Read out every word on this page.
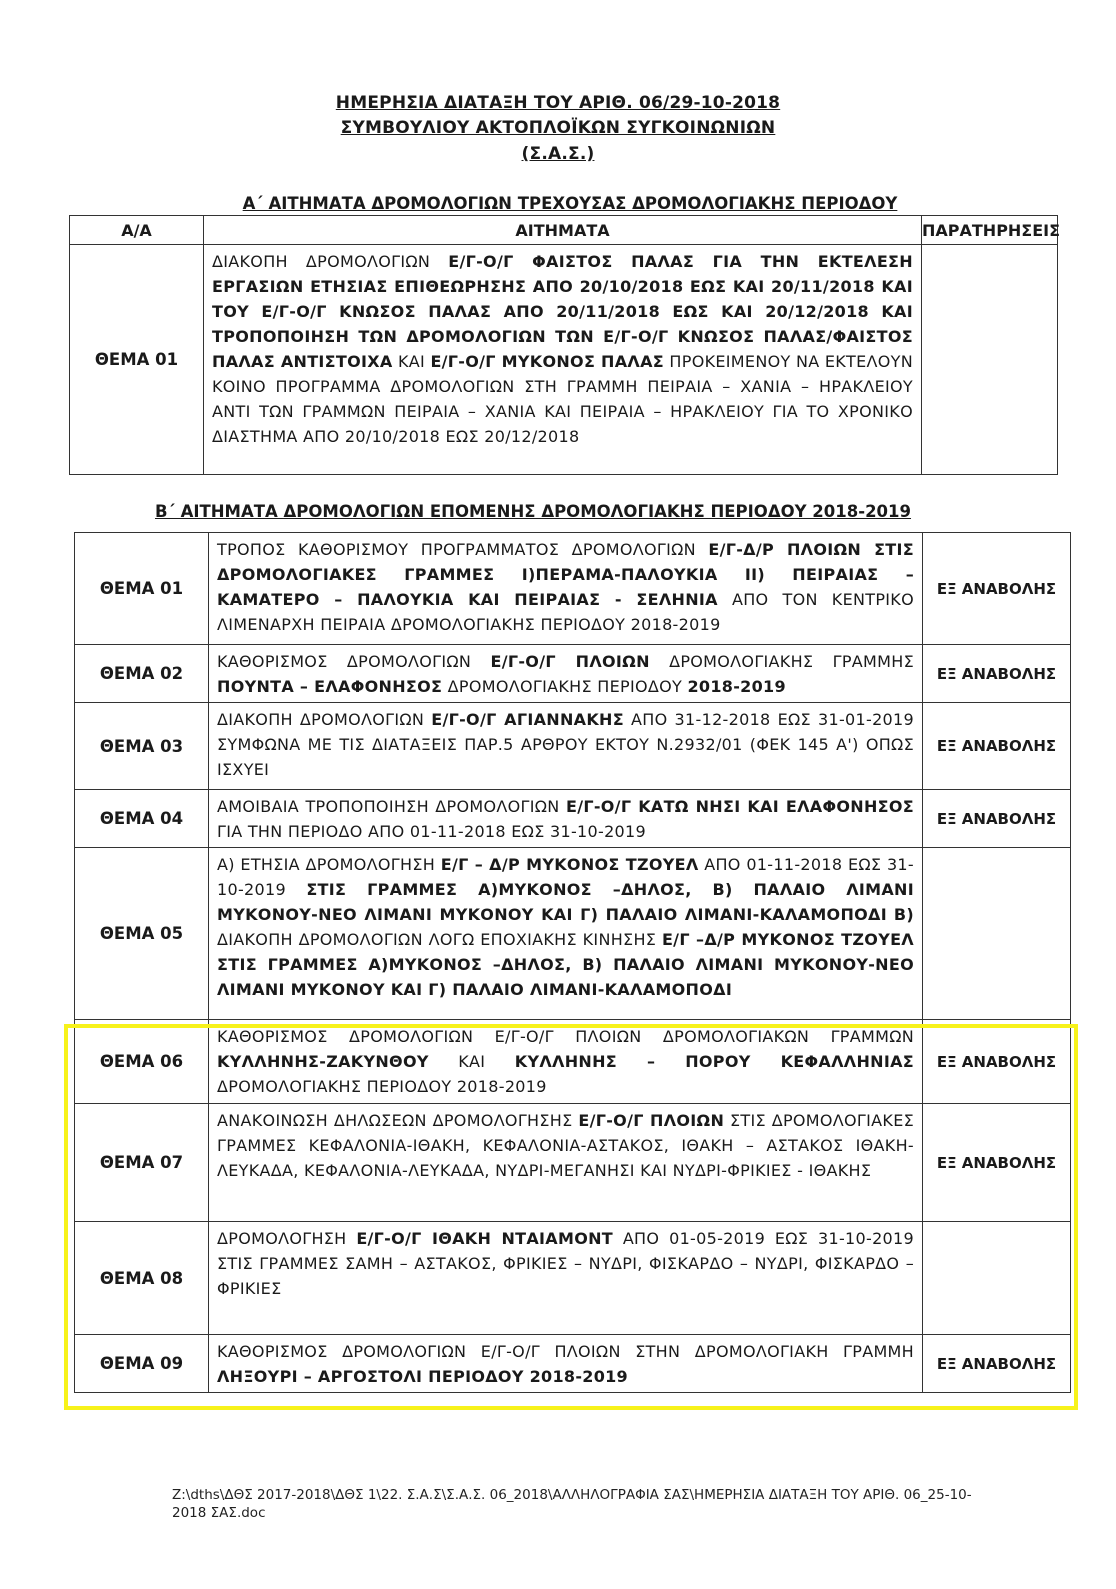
ΗΜΕΡΗΣΙΑ ΔΙΑΤΑΞΗ ΤΟΥ ΑΡΙΘ. 06/29-10-2018
ΣΥΜΒΟΥΛΙΟΥ ΑΚΤΟΠΛΟΪΚΩΝ ΣΥΓΚΟΙΝΩΝΙΩΝ
(Σ.Α.Σ.)
Α΄ ΑΙΤΗΜΑΤΑ ΔΡΟΜΟΛΟΓΙΩΝ ΤΡΕΧΟΥΣΑΣ ΔΡΟΜΟΛΟΓΙΑΚΗΣ ΠΕΡΙΟΔΟΥ
Α/Α	ΑΙΤΗΜΑΤΑ	ΠΑΡΑΤΗΡΗΣΕΙΣ
ΘΕΜΑ 01	ΔΙΑΚΟΠΗ ΔΡΟΜΟΛΟΓΙΩΝ Ε/Γ-Ο/Γ ΦΑΙΣΤΟΣ ΠΑΛΑΣ ΓΙΑ ΤΗΝ ΕΚΤΕΛΕΣΗ ΕΡΓΑΣΙΩΝ ΕΤΗΣΙΑΣ ΕΠΙΘΕΩΡΗΣΗΣ ΑΠΟ 20/10/2018 ΕΩΣ ΚΑΙ 20/11/2018 ΚΑΙ ΤΟΥ Ε/Γ-Ο/Γ ΚΝΩΣΟΣ ΠΑΛΑΣ ΑΠΟ 20/11/2018 ΕΩΣ ΚΑΙ 20/12/2018 ΚΑΙ ΤΡΟΠΟΠΟΙΗΣΗ ΤΩΝ ΔΡΟΜΟΛΟΓΙΩΝ ΤΩΝ Ε/Γ-Ο/Γ ΚΝΩΣΟΣ ΠΑΛΑΣ/ΦΑΙΣΤΟΣ ΠΑΛΑΣ ΑΝΤΙΣΤΟΙΧΑ ΚΑΙ Ε/Γ-Ο/Γ ΜΥΚΟΝΟΣ ΠΑΛΑΣ ΠΡΟΚΕΙΜΕΝΟΥ ΝΑ ΕΚΤΕΛΟΥΝ ΚΟΙΝΟ ΠΡΟΓΡΑΜΜΑ ΔΡΟΜΟΛΟΓΙΩΝ ΣΤΗ ΓΡΑΜΜΗ ΠΕΙΡΑΙΑ – ΧΑΝΙΑ – ΗΡΑΚΛΕΙΟΥ ΑΝΤΙ ΤΩΝ ΓΡΑΜΜΩΝ ΠΕΙΡΑΙΑ – ΧΑΝΙΑ ΚΑΙ ΠΕΙΡΑΙΑ – ΗΡΑΚΛΕΙΟΥ ΓΙΑ ΤΟ ΧΡΟΝΙΚΟ ΔΙΑΣΤΗΜΑ ΑΠΟ 20/10/2018 ΕΩΣ 20/12/2018	
Β΄ ΑΙΤΗΜΑΤΑ ΔΡΟΜΟΛΟΓΙΩΝ ΕΠΟΜΕΝΗΣ ΔΡΟΜΟΛΟΓΙΑΚΗΣ ΠΕΡΙΟΔΟΥ 2018-2019
ΘΕΜΑ 01	ΤΡΟΠΟΣ ΚΑΘΟΡΙΣΜΟΥ ΠΡΟΓΡΑΜΜΑΤΟΣ ΔΡΟΜΟΛΟΓΙΩΝ Ε/Γ-Δ/Ρ ΠΛΟΙΩΝ ΣΤΙΣ ΔΡΟΜΟΛΟΓΙΑΚΕΣ ΓΡΑΜΜΕΣ Ι)ΠΕΡΑΜΑ-ΠΑΛΟΥΚΙΑ ΙΙ) ΠΕΙΡΑΙΑΣ – ΚΑΜΑΤΕΡΟ – ΠΑΛΟΥΚΙΑ ΚΑΙ ΠΕΙΡΑΙΑΣ - ΣΕΛΗΝΙΑ ΑΠΟ ΤΟΝ ΚΕΝΤΡΙΚΟ ΛΙΜΕΝΑΡΧΗ ΠΕΙΡΑΙΑ ΔΡΟΜΟΛΟΓΙΑΚΗΣ ΠΕΡΙΟΔΟΥ 2018-2019	ΕΞ ΑΝΑΒΟΛΗΣ
ΘΕΜΑ 02	ΚΑΘΟΡΙΣΜΟΣ ΔΡΟΜΟΛΟΓΙΩΝ Ε/Γ-Ο/Γ ΠΛΟΙΩΝ ΔΡΟΜΟΛΟΓΙΑΚΗΣ ΓΡΑΜΜΗΣ ΠΟΥΝΤΑ – ΕΛΑΦΟΝΗΣΟΣ ΔΡΟΜΟΛΟΓΙΑΚΗΣ ΠΕΡΙΟΔΟΥ 2018-2019	ΕΞ ΑΝΑΒΟΛΗΣ
ΘΕΜΑ 03	ΔΙΑΚΟΠΗ ΔΡΟΜΟΛΟΓΙΩΝ Ε/Γ-Ο/Γ ΑΓΙΑΝΝΑΚΗΣ ΑΠΟ 31-12-2018 ΕΩΣ 31-01-2019 ΣΥΜΦΩΝΑ ΜΕ ΤΙΣ ΔΙΑΤΑΞΕΙΣ ΠΑΡ.5 ΑΡΘΡΟΥ ΕΚΤΟΥ Ν.2932/01 (ΦΕΚ 145 Α') ΟΠΩΣ ΙΣΧΥΕΙ	ΕΞ ΑΝΑΒΟΛΗΣ
ΘΕΜΑ 04	ΑΜΟΙΒΑΙΑ ΤΡΟΠΟΠΟΙΗΣΗ ΔΡΟΜΟΛΟΓΙΩΝ Ε/Γ-Ο/Γ ΚΑΤΩ ΝΗΣΙ ΚΑΙ ΕΛΑΦΟΝΗΣΟΣ ΓΙΑ ΤΗΝ ΠΕΡΙΟΔΟ ΑΠΟ 01-11-2018 ΕΩΣ 31-10-2019	ΕΞ ΑΝΑΒΟΛΗΣ
ΘΕΜΑ 05	Α) ΕΤΗΣΙΑ ΔΡΟΜΟΛΟΓΗΣΗ Ε/Γ – Δ/Ρ ΜΥΚΟΝΟΣ ΤΖΟΥΕΛ ΑΠΟ 01-11-2018 ΕΩΣ 31-10-2019 ΣΤΙΣ ΓΡΑΜΜΕΣ Α)ΜΥΚΟΝΟΣ –ΔΗΛΟΣ, Β) ΠΑΛΑΙΟ ΛΙΜΑΝΙ ΜΥΚΟΝΟΥ-ΝΕΟ ΛΙΜΑΝΙ ΜΥΚΟΝΟΥ ΚΑΙ Γ) ΠΑΛΑΙΟ ΛΙΜΑΝΙ-ΚΑΛΑΜΟΠΟΔΙ Β) ΔΙΑΚΟΠΗ ΔΡΟΜΟΛΟΓΙΩΝ ΛΟΓΩ ΕΠΟΧΙΑΚΗΣ ΚΙΝΗΣΗΣ Ε/Γ –Δ/Ρ ΜΥΚΟΝΟΣ ΤΖΟΥΕΛ ΣΤΙΣ ΓΡΑΜΜΕΣ Α)ΜΥΚΟΝΟΣ –ΔΗΛΟΣ, Β) ΠΑΛΑΙΟ ΛΙΜΑΝΙ ΜΥΚΟΝΟΥ-ΝΕΟ ΛΙΜΑΝΙ ΜΥΚΟΝΟΥ ΚΑΙ Γ) ΠΑΛΑΙΟ ΛΙΜΑΝΙ-ΚΑΛΑΜΟΠΟΔΙ	
ΘΕΜΑ 06	ΚΑΘΟΡΙΣΜΟΣ ΔΡΟΜΟΛΟΓΙΩΝ Ε/Γ-Ο/Γ ΠΛΟΙΩΝ ΔΡΟΜΟΛΟΓΙΑΚΩΝ ΓΡΑΜΜΩΝ ΚΥΛΛΗΝΗΣ-ΖΑΚΥΝΘΟΥ ΚΑΙ ΚΥΛΛΗΝΗΣ – ΠΟΡΟΥ ΚΕΦΑΛΛΗΝΙΑΣ ΔΡΟΜΟΛΟΓΙΑΚΗΣ ΠΕΡΙΟΔΟΥ 2018-2019	ΕΞ ΑΝΑΒΟΛΗΣ
ΘΕΜΑ 07	ΑΝΑΚΟΙΝΩΣΗ ΔΗΛΩΣΕΩΝ ΔΡΟΜΟΛΟΓΗΣΗΣ Ε/Γ-Ο/Γ ΠΛΟΙΩΝ ΣΤΙΣ ΔΡΟΜΟΛΟΓΙΑΚΕΣ ΓΡΑΜΜΕΣ ΚΕΦΑΛΟΝΙΑ-ΙΘΑΚΗ, ΚΕΦΑΛΟΝΙΑ-ΑΣΤΑΚΟΣ, ΙΘΑΚΗ – ΑΣΤΑΚΟΣ ΙΘΑΚΗ-ΛΕΥΚΑΔΑ, ΚΕΦΑΛΟΝΙΑ-ΛΕΥΚΑΔΑ, ΝΥΔΡΙ-ΜΕΓΑΝΗΣΙ ΚΑΙ ΝΥΔΡΙ-ΦΡΙΚΙΕΣ - ΙΘΑΚΗΣ	ΕΞ ΑΝΑΒΟΛΗΣ
ΘΕΜΑ 08	ΔΡΟΜΟΛΟΓΗΣΗ Ε/Γ-Ο/Γ ΙΘΑΚΗ ΝΤΑΙΑΜΟΝΤ ΑΠΟ 01-05-2019 ΕΩΣ 31-10-2019 ΣΤΙΣ ΓΡΑΜΜΕΣ ΣΑΜΗ – ΑΣΤΑΚΟΣ, ΦΡΙΚΙΕΣ – ΝΥΔΡΙ, ΦΙΣΚΑΡΔΟ – ΝΥΔΡΙ, ΦΙΣΚΑΡΔΟ – ΦΡΙΚΙΕΣ	
ΘΕΜΑ 09	ΚΑΘΟΡΙΣΜΟΣ ΔΡΟΜΟΛΟΓΙΩΝ Ε/Γ-Ο/Γ ΠΛΟΙΩΝ ΣΤΗΝ ΔΡΟΜΟΛΟΓΙΑΚΗ ΓΡΑΜΜΗ ΛΗΞΟΥΡΙ – ΑΡΓΟΣΤΟΛΙ ΠΕΡΙΟΔΟΥ 2018-2019	ΕΞ ΑΝΑΒΟΛΗΣ
Z:\dths\ΔΘΣ 2017-2018\ΔΘΣ 1\22. Σ.Α.Σ\Σ.Α.Σ. 06_2018\ΑΛΛΗΛΟΓΡΑΦΙΑ ΣΑΣ\ΗΜΕΡΗΣΙΑ ΔΙΑΤΑΞΗ ΤΟΥ ΑΡΙΘ. 06_25-10-2018 ΣΑΣ.doc
